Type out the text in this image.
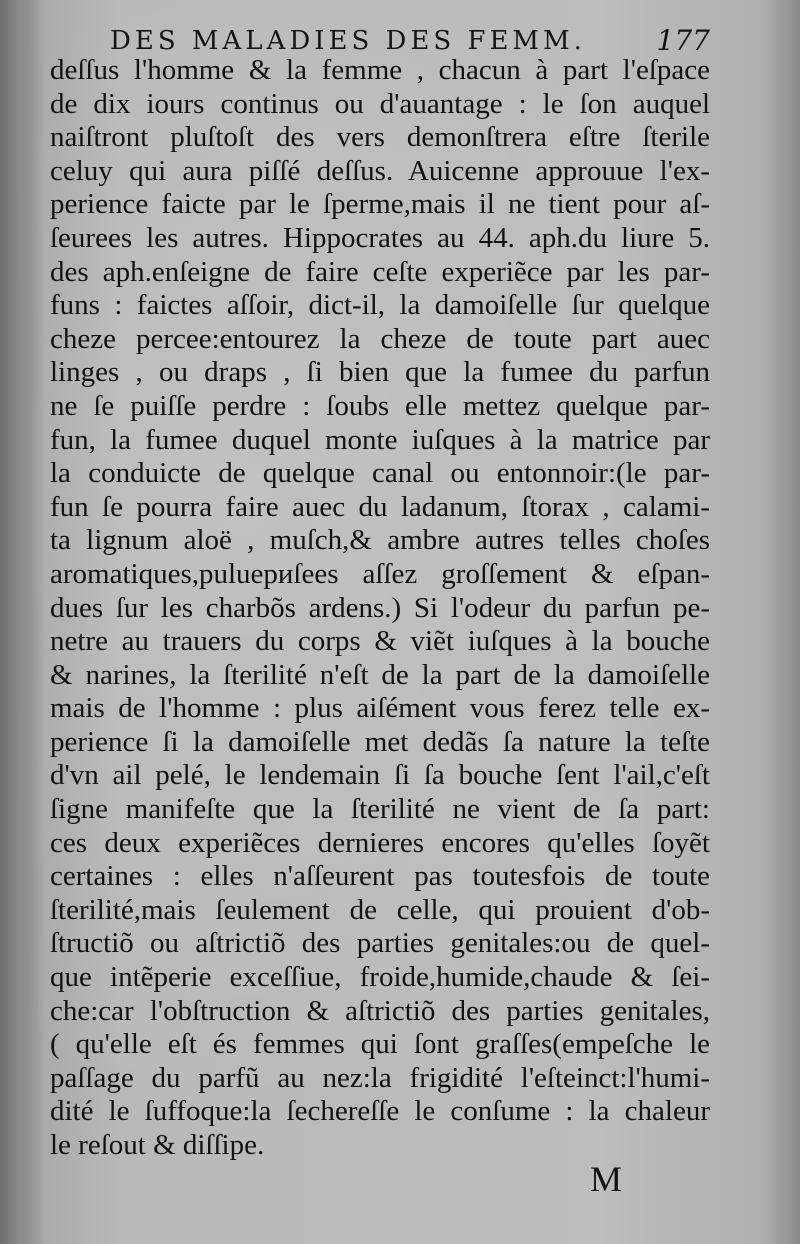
DES MALADIES DES FEMM.	177
deſſus l'homme & la femme , chacun à part l'eſpace
de dix iours continus ou d'auantage : le ſon auquel
naiſtront pluſtoſt des vers demonſtrera eſtre ſterile
celuy qui aura piſſé deſſus. Auicenne approuue l'ex-
perience faicte par le ſperme,mais il ne tient pour aſ-
ſeurees les autres. Hippocrates au 44. aph.du liure 5.
des aph.enſeigne de faire ceſte experiẽce par les par-
funs : faictes aſſoir, dict-il, la damoiſelle ſur quelque
cheze percee:entourez la cheze de toute part auec
linges , ou draps , ſi bien que la fumee du parfun
ne ſe puiſſe perdre : ſoubs elle mettez quelque par-
fun, la fumee duquel monte iuſques à la matrice par
la conduicte de quelque canal ou entonnoir:(le par-
fun ſe pourra faire auec du ladanum, ſtorax , calami-
ta lignum aloë , muſch,& ambre autres telles choſes
aromatiques,puluериſees aſſez groſſement & eſpan-
dues ſur les charbõs ardens.) Si l'odeur du parfun pe-
netre au trauers du corps & viẽt iuſques à la bouche
& narines, la ſterilité n'eſt de la part de la damoiſelle
mais de l'homme : plus aiſément vous ferez telle ex-
perience ſi la damoiſelle met dedãs ſa nature la teſte
d'vn ail pelé, le lendemain ſi ſa bouche ſent l'ail,c'eſt
ſigne manifeſte que la ſterilité ne vient de ſa part:
ces deux experiẽces dernieres encores qu'elles ſoyẽt
certaines : elles n'aſſeurent pas toutesfois de toute
ſterilité,mais ſeulement de celle, qui prouient d'ob-
ſtructiõ ou aſtrictiõ des parties genitales:ou de quel-
que intẽperie exceſſiue, froide,humide,chaude & ſei-
che:car l'obſtruction & aſtrictiõ des parties genitales,
( qu'elle eſt és femmes qui ſont graſſes(empeſche le
paſſage du parfũ au nez:la frigidité l'eſteinct:l'humi-
dité le ſuffoque:la ſechereſſe le conſume : la chaleur
le reſout & diſſipe.
M
